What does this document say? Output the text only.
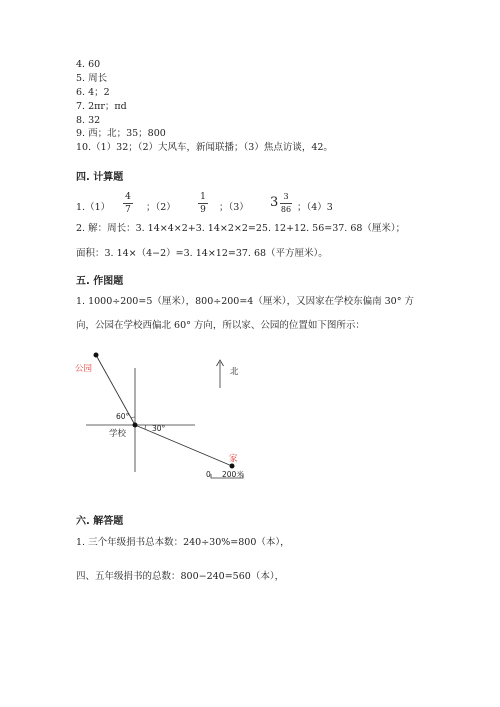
4. 60
5. 周长
6. 4；2
7. 2πr；πd
8. 32
9. 西；北；35；800
10.（1）32；（2）大风车，新闻联播；（3）焦点访谈，42。
四. 计算题
1.（1）
4
7 ；（2）
1
9 ；（3） 3 3
86 ；（4）3
2. 解：周长：3. 14×4×2+3. 14×2×2=25. 12+12. 56=37. 68（厘米）；
面积：3. 14×（4−2）=3. 14×12=37. 68（平方厘米）。
五. 作图题
1. 1000÷200=5（厘米），800÷200=4（厘米），又因家在学校东偏南 30° 方
向，公园在学校西偏北 60° 方向，所以家、公园的位置如下图所示：
公园
学校
家
北
60°
30°
0 200米
六. 解答题
1. 三个年级捐书总本数：240÷30%=800（本），
四、五年级捐书的总数：800−240=560（本），
